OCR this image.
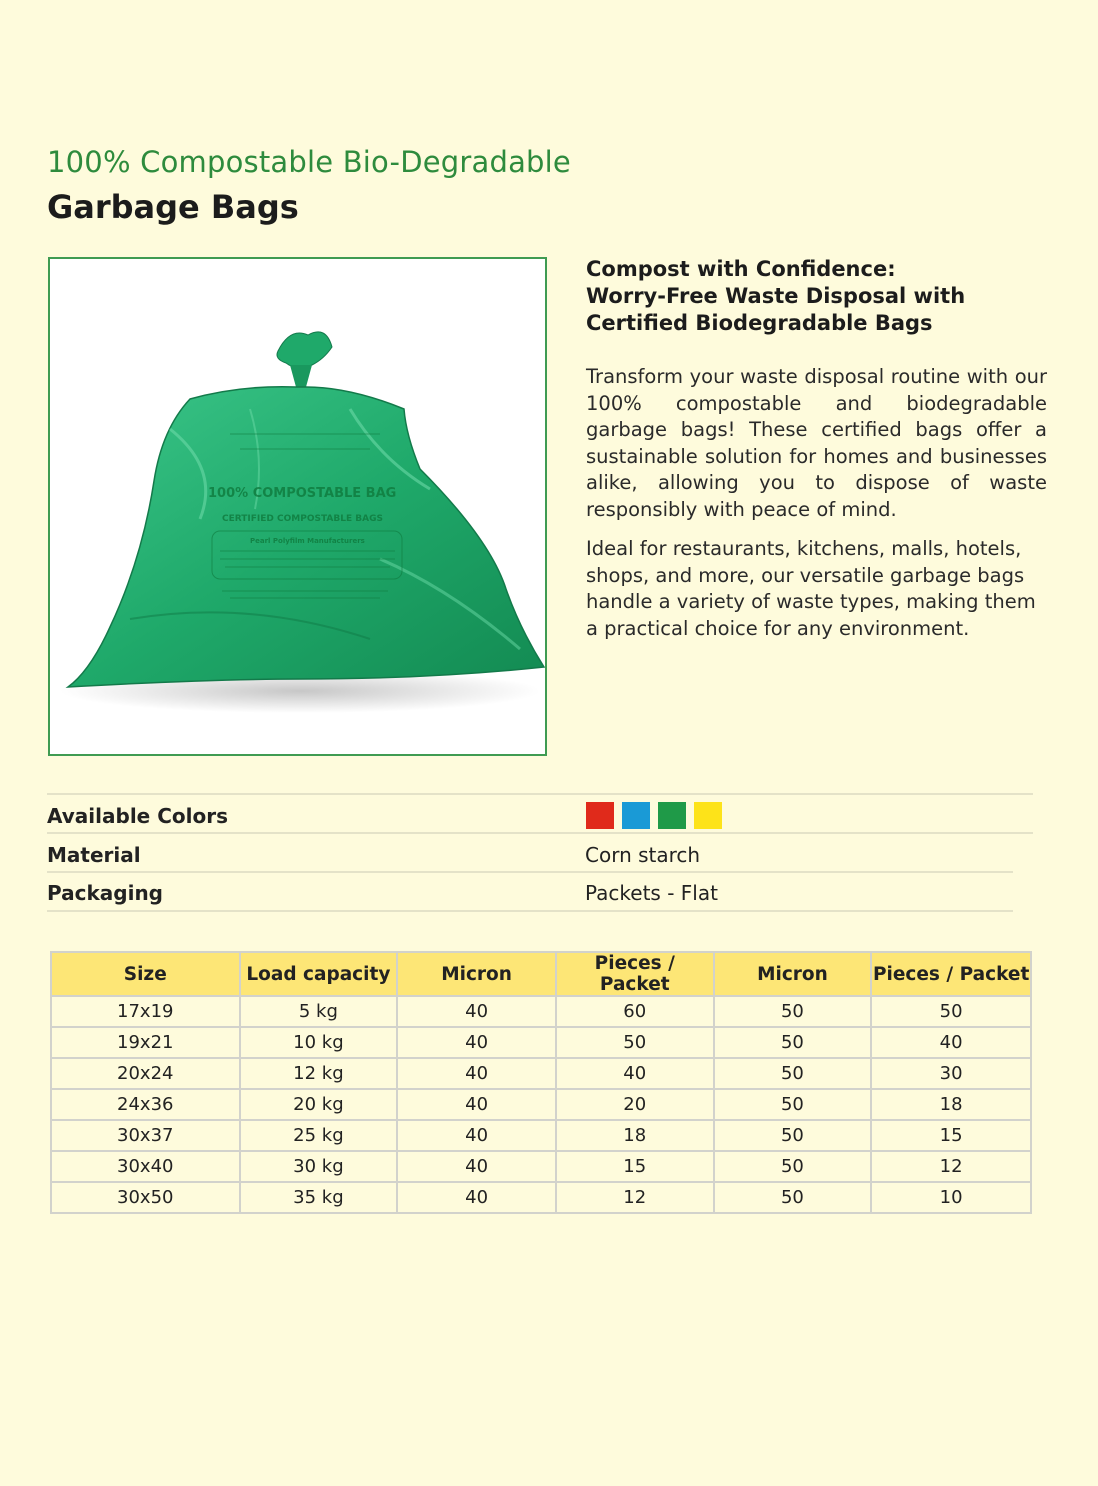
100% Compostable Bio-Degradable
Garbage Bags
100% COMPOSTABLE BAG
CERTIFIED COMPOSTABLE BAGS
Pearl Polyfilm Manufacturers
Compost with Confidence:
Worry-Free Waste Disposal with Certified Biodegradable Bags
Transform your waste disposal routine with our 100% compostable and biodegradable garbage bags! These certified bags offer a sustainable solution for homes and businesses alike, allowing you to dispose of waste responsibly with peace of mind.
Ideal for restaurants, kitchens, malls, hotels, shops, and more, our versatile garbage bags handle a variety of waste types, making them a practical choice for any environment.
Available Colors
Material	Corn starch
Packaging	Packets - Flat
Size	Load capacity	Micron	Pieces / Packet	Micron	Pieces / Packet
17x19	5 kg	40	60	50	50
19x21	10 kg	40	50	50	40
20x24	12 kg	40	40	50	30
24x36	20 kg	40	20	50	18
30x37	25 kg	40	18	50	15
30x40	30 kg	40	15	50	12
30x50	35 kg	40	12	50	10
